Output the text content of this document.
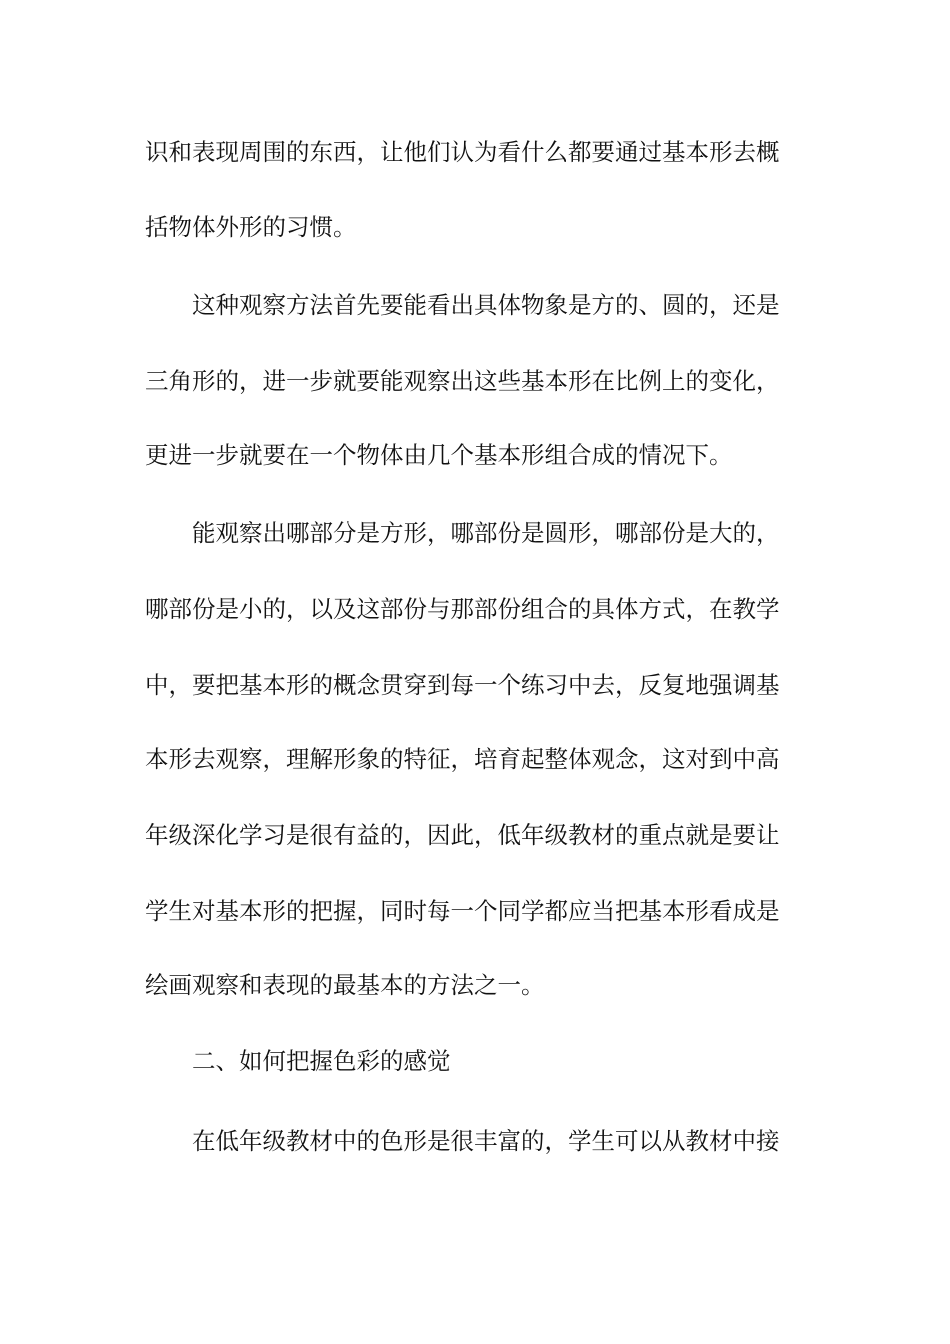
识和表现周围的东西，让他们认为看什么都要通过基本形去概
括物体外形的习惯。
这种观察方法首先要能看出具体物象是方的、圆的，还是
三角形的，进一步就要能观察出这些基本形在比例上的变化，
更进一步就要在一个物体由几个基本形组合成的情况下。
能观察出哪部分是方形，哪部份是圆形，哪部份是大的，
哪部份是小的，以及这部份与那部份组合的具体方式，在教学
中，要把基本形的概念贯穿到每一个练习中去，反复地强调基
本形去观察，理解形象的特征，培育起整体观念，这对到中高
年级深化学习是很有益的，因此，低年级教材的重点就是要让
学生对基本形的把握，同时每一个同学都应当把基本形看成是
绘画观察和表现的最基本的方法之一。
二、如何把握色彩的感觉
在低年级教材中的色形是很丰富的，学生可以从教材中接
